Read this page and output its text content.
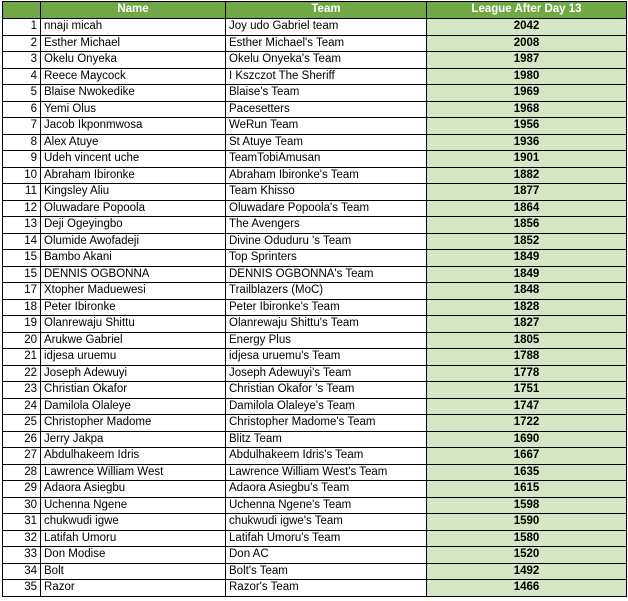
	Name	Team	League After Day 13
1	nnaji micah	Joy udo Gabriel team	2042
2	Esther Michael	Esther Michael's Team	2008
3	Okelu Onyeka	Okelu Onyeka's Team	1987
4	Reece Maycock	I Kszczot The Sheriff	1980
5	Blaise Nwokedike	Blaise's Team	1969
6	Yemi Olus	Pacesetters	1968
7	Jacob Ikponmwosa	WeRun Team	1956
8	Alex Atuye	St Atuye Team	1936
9	Udeh vincent uche	TeamTobiAmusan	1901
10	Abraham Ibironke	Abraham Ibironke's Team	1882
11	Kingsley Aliu	Team Khisso	1877
12	Oluwadare Popoola	Oluwadare Popoola's Team	1864
13	Deji Ogeyingbo	The Avengers	1856
14	Olumide Awofadeji	Divine Oduduru 's Team	1852
15	Bambo Akani	Top Sprinters	1849
15	DENNIS OGBONNA	DENNIS OGBONNA's Team	1849
17	Xtopher Maduewesi	Trailblazers (MoC)	1848
18	Peter Ibironke	Peter Ibironke's Team	1828
19	Olanrewaju Shittu	Olanrewaju Shittu's Team	1827
20	Arukwe Gabriel	Energy Plus	1805
21	idjesa uruemu	idjesa uruemu's Team	1788
22	Joseph Adewuyi	Joseph Adewuyi's Team	1778
23	Christian Okafor	Christian Okafor 's Team	1751
24	Damilola Olaleye	Damilola Olaleye's Team	1747
25	Christopher Madome	Christopher Madome's Team	1722
26	Jerry Jakpa	Blitz Team	1690
27	Abdulhakeem Idris	Abdulhakeem Idris's Team	1667
28	Lawrence William West	Lawrence William West's Team	1635
29	Adaora Asiegbu	Adaora Asiegbu's Team	1615
30	Uchenna Ngene	Uchenna Ngene's Team	1598
31	chukwudi igwe	chukwudi igwe's Team	1590
32	Latifah Umoru	Latifah Umoru's Team	1580
33	Don Modise	Don AC	1520
34	Bolt	Bolt's Team	1492
35	Razor	Razor's Team	1466
